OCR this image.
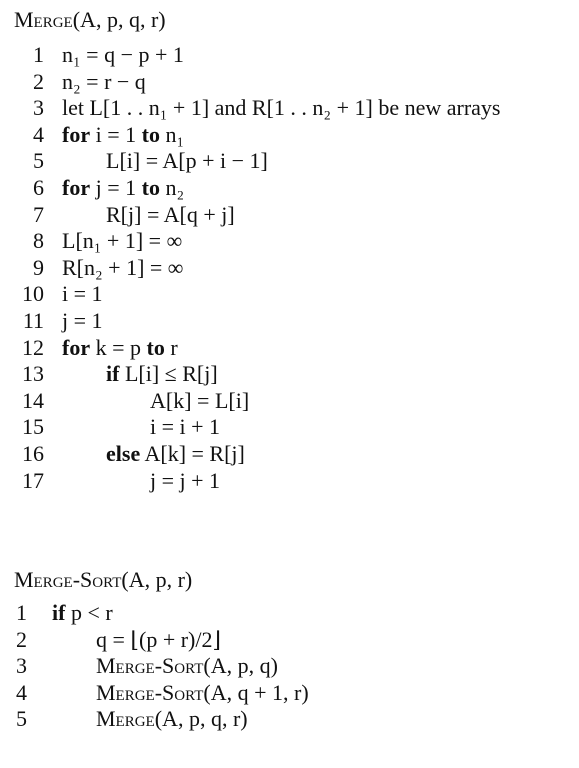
Merge(A, p, q, r)
1 n₁ = q − p + 1
2 n₂ = r − q
3 let L[1 . . n₁ + 1] and R[1 . . n₂ + 1] be new arrays
4 for i = 1 to n₁
5	L[i] = A[p + i − 1]
6 for j = 1 to n₂
7	R[j] = A[q + j]
8 L[n₁ + 1] = ∞
9 R[n₂ + 1] = ∞
10 i = 1
11 j = 1
12 for k = p to r
13	if L[i] ≤ R[j]
14	A[k] = L[i]
15	i = i + 1
16	else A[k] = R[j]
17	j = j + 1
Merge-Sort(A, p, r)
1	if p < r
2	q = ⌊(p + r)/2⌋
3	Merge-Sort(A, p, q)
4	Merge-Sort(A, q + 1, r)
5	Merge(A, p, q, r)
